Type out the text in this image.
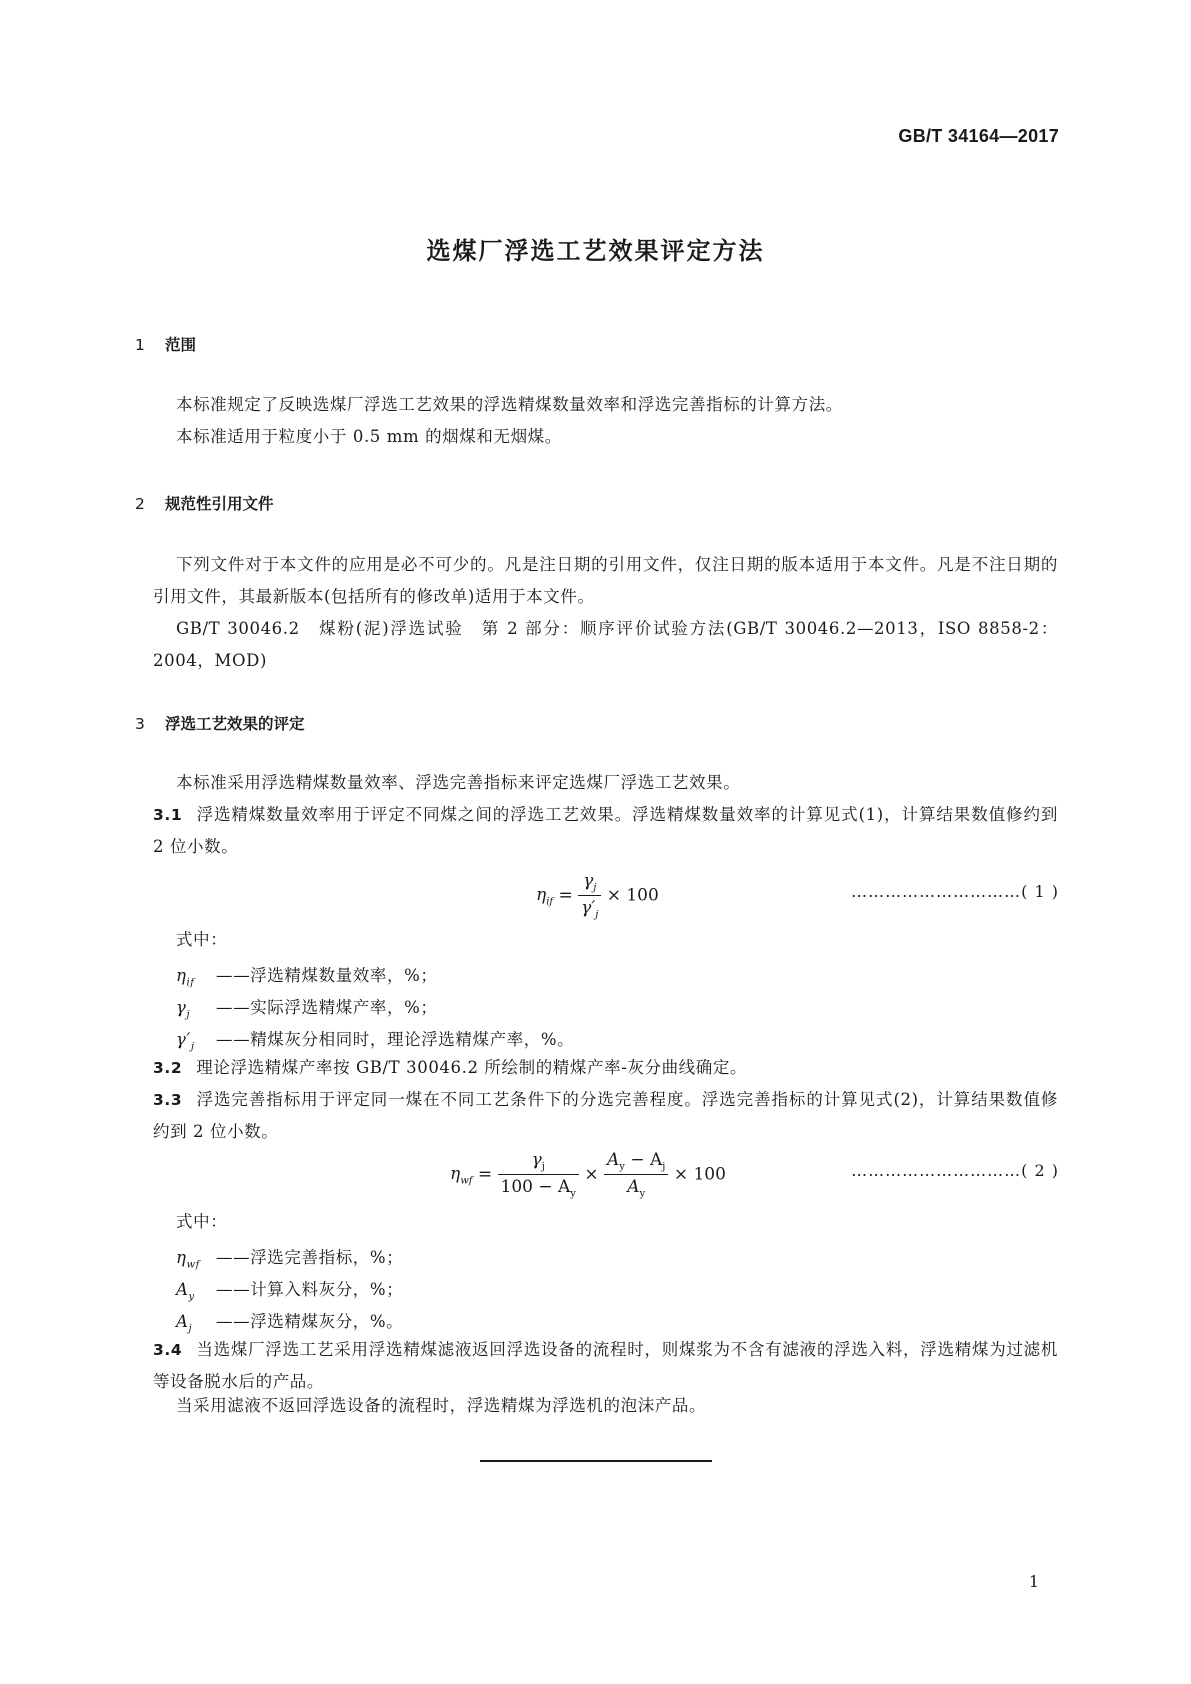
GB/T 34164—2017
选煤厂浮选工艺效果评定方法
1 范围
本标准规定了反映选煤厂浮选工艺效果的浮选精煤数量效率和浮选完善指标的计算方法。
本标准适用于粒度小于 0.5 mm 的烟煤和无烟煤。
2 规范性引用文件
下列文件对于本文件的应用是必不可少的。凡是注日期的引用文件，仅注日期的版本适用于本文件。凡是不注日期的引用文件，其最新版本(包括所有的修改单)适用于本文件。
GB/T 30046.2　煤粉(泥)浮选试验　第 2 部分：顺序评价试验方法(GB/T 30046.2—2013，ISO 8858-2：2004，MOD)
3 浮选工艺效果的评定
本标准采用浮选精煤数量效率、浮选完善指标来评定选煤厂浮选工艺效果。
3.1 浮选精煤数量效率用于评定不同煤之间的浮选工艺效果。浮选精煤数量效率的计算见式(1)，计算结果数值修约到 2 位小数。
$\eta_{if} = \frac{\gamma_j}{\gamma'_j} \times 100$	…………………………( 1 )
式中：
$\eta_{if}$ ——浮选精煤数量效率，%；
$\gamma_j$ ——实际浮选精煤产率，%；
$\gamma'_j$ ——精煤灰分相同时，理论浮选精煤产率，%。
3.2 理论浮选精煤产率按 GB/T 30046.2 所绘制的精煤产率-灰分曲线确定。
3.3 浮选完善指标用于评定同一煤在不同工艺条件下的分选完善程度。浮选完善指标的计算见式(2)，计算结果数值修约到 2 位小数。
$\eta_{wf} = \frac{\gamma_j}{100 - A_y} \times \frac{A_y - A_j}{A_y} \times 100$	…………………………( 2 )
式中：
$\eta_{wf}$ ——浮选完善指标，%；
$A_y$ ——计算入料灰分，%；
$A_j$ ——浮选精煤灰分，%。
3.4 当选煤厂浮选工艺采用浮选精煤滤液返回浮选设备的流程时，则煤浆为不含有滤液的浮选入料，浮选精煤为过滤机等设备脱水后的产品。
当采用滤液不返回浮选设备的流程时，浮选精煤为浮选机的泡沫产品。
1
